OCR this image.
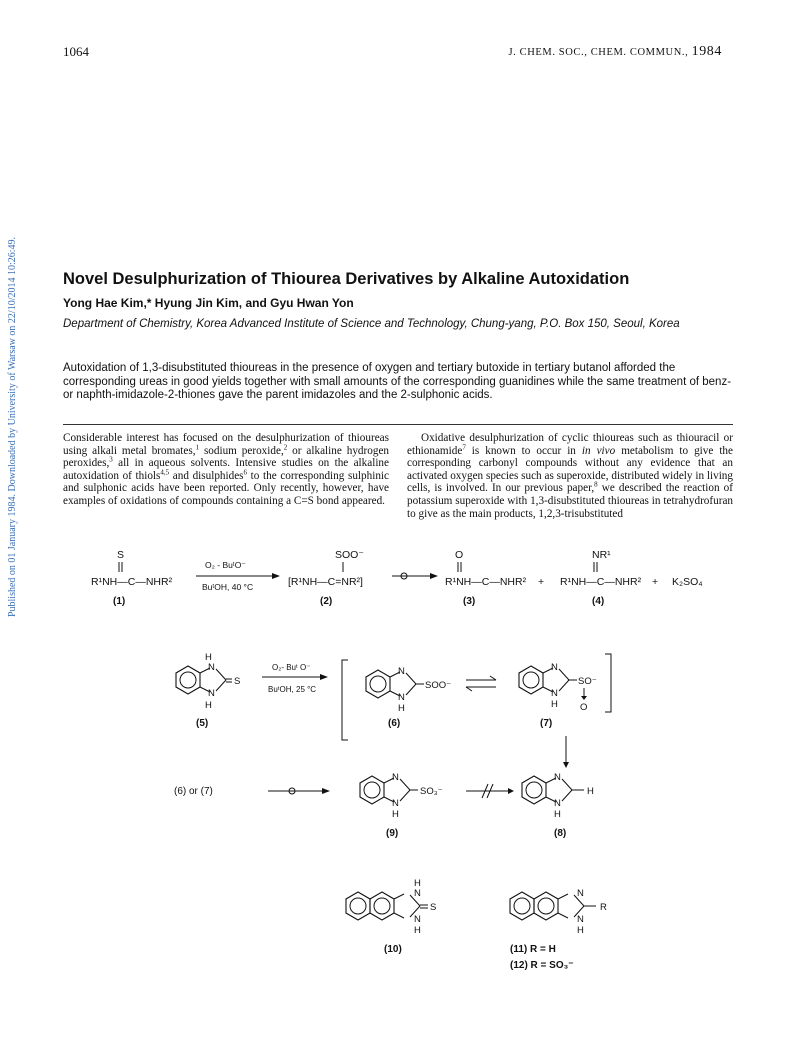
Published on 01 January 1984. Downloaded by University of Warsaw on 22/10/2014 10:26:49.
1064	J. CHEM. SOC., CHEM. COMMUN., 1984
Novel Desulphurization of Thiourea Derivatives by Alkaline Autoxidation
Yong Hae Kim,* Hyung Jin Kim, and Gyu Hwan Yon
Department of Chemistry, Korea Advanced Institute of Science and Technology, Chung-yang, P.O. Box 150, Seoul, Korea
Autoxidation of 1,3-disubstituted thioureas in the presence of oxygen and tertiary butoxide in tertiary butanol afforded the corresponding ureas in good yields together with small amounts of the corresponding guanidines while the same treatment of benz- or naphth-imidazole-2-thiones gave the parent imidazoles and the 2-sulphonic acids.

Considerable interest has focused on the desulphurization of thioureas using alkali metal bromates,$^1$ sodium peroxide,$^2$ or alkaline hydrogen peroxides,$^3$ all in aqueous solvents. Intensive studies on the alkaline autoxidation of thiols$^{4,5}$ and disulphides$^6$ to the corresponding sulphinic and sulphonic acids have been reported. Only recently, however, have examples of oxidations of compounds containing a C=S bond appeared.

Oxidative desulphurization of cyclic thioureas such as thiouracil or ethionamide$^7$ is known to occur in in vivo metabolism to give the corresponding carbonyl compounds without any evidence that an activated oxygen species such as superoxide, distributed widely in living cells, is involved. In our previous paper,$^8$ we described the reaction of potassium superoxide with 1,3-disubstituted thioureas in tetrahydrofuran to give as the main products, 1,2,3-trisubstituted

S
R¹NH—C—NHR²
O₂ - BuᵗO⁻
BuᵗOH, 40 °C
SOO⁻
[R¹NH—C=NR²]
O
R¹NH—C—NHR² +
NR¹
R¹NH—C—NHR² + K₂SO₄
(1)	(2)	(3)	(4)
H
N
N
H
S
(5)
O₂- Buᵗ O⁻
BuᵗOH, 25 °C
N
N
H
SOO⁻
(6)
N
N
H
SO⁻
O
(7)
(6) or (7)
N
N
H
SO₃⁻
(9)
N
N
H
H
(8)
H
N
N
H
S
(10)
N
N
H
R
(11) R = H
(12) R = SO₃⁻
